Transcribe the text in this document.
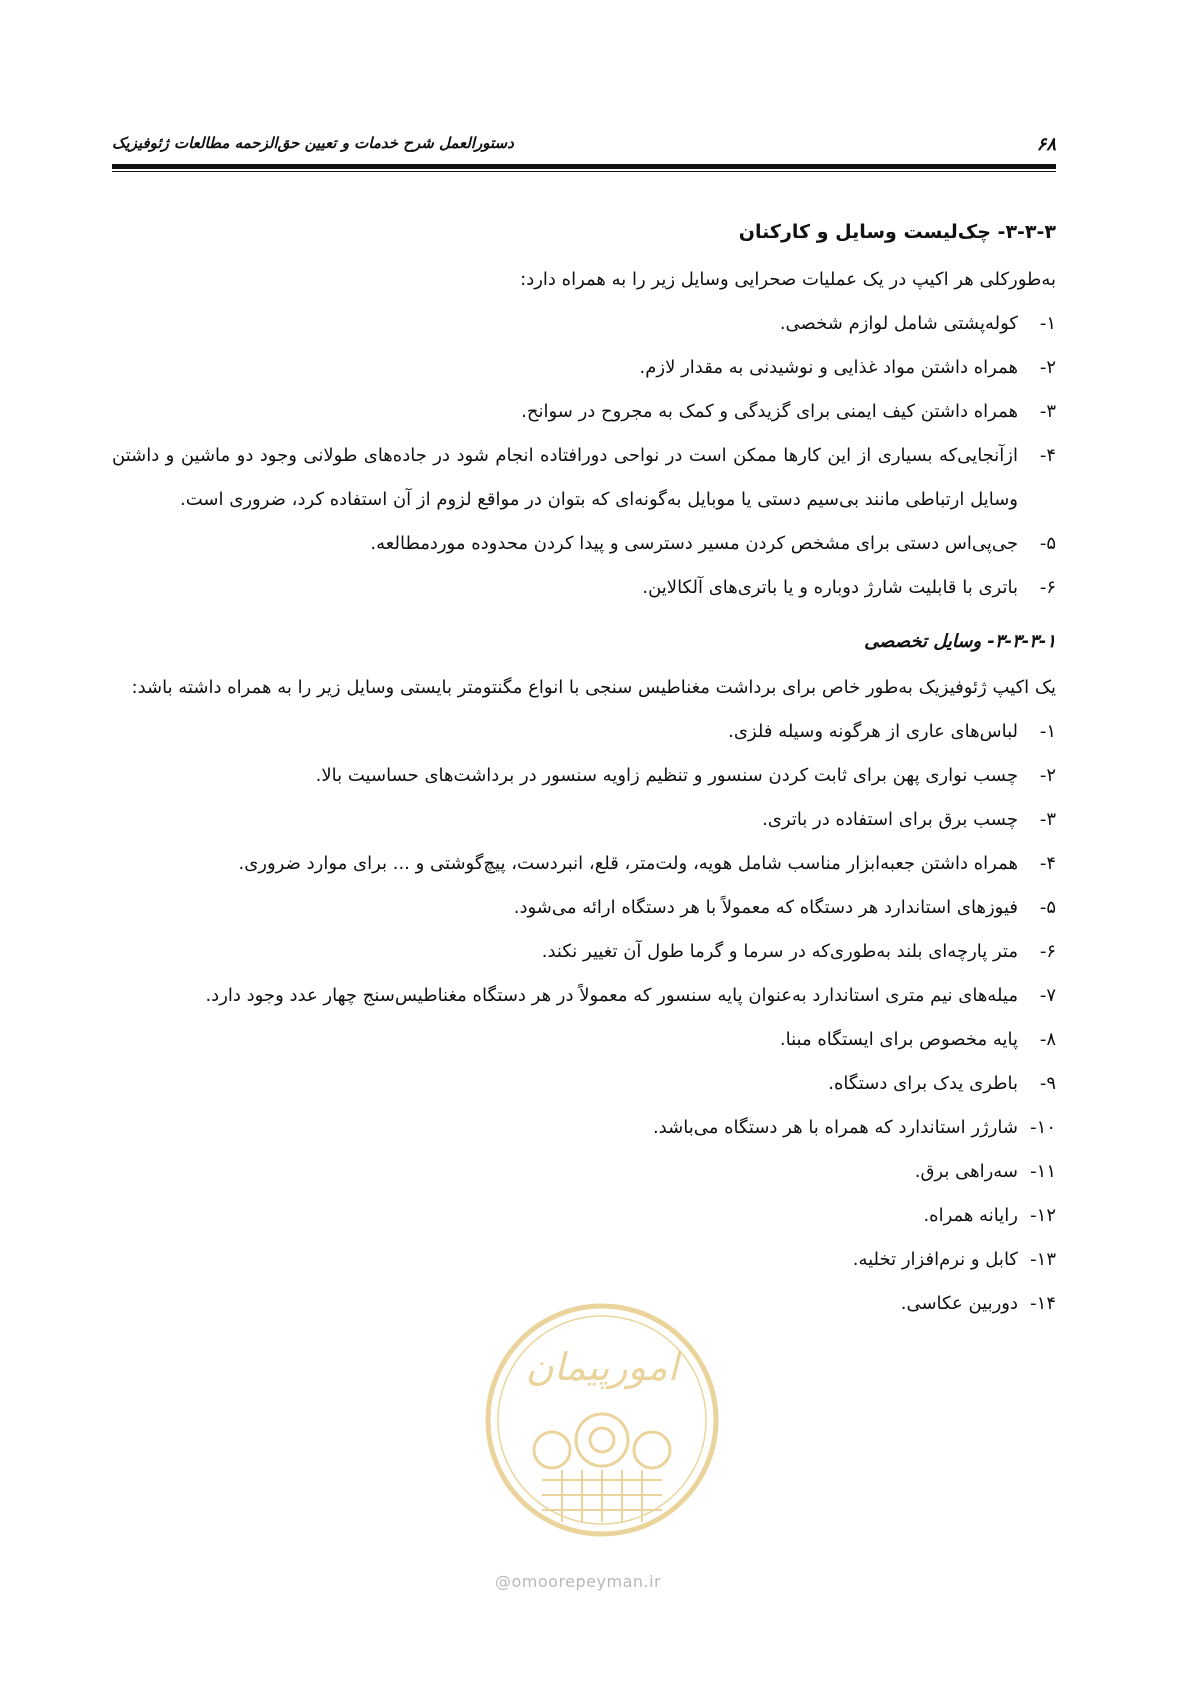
۶۸
دستورالعمل شرح خدمات و تعیین حق‌الزحمه مطالعات ژئوفیزیک
۳-۳-۳- چک‌لیست وسایل و کارکنان

به‌طورکلی هر اکیپ در یک عملیات صحرایی وسایل زیر را به همراه دارد:

۱-
کوله‌پشتی شامل لوازم شخصی.
۲-
همراه داشتن مواد غذایی و نوشیدنی به مقدار لازم.
۳-
همراه داشتن کیف ایمنی برای گزیدگی و کمک به مجروح در سوانح.
۴-
ازآنجایی‌که بسیاری از این کارها ممکن است در نواحی دورافتاده انجام شود در جاده‌های طولانی وجود دو ماشین و داشتن وسایل ارتباطی مانند بی‌سیم دستی یا موبایل به‌گونه‌ای که بتوان در مواقع لزوم از آن استفاده کرد، ضروری است.
۵-
جی‌پی‌اس دستی برای مشخص کردن مسیر دسترسی و پیدا کردن محدوده موردمطالعه.
۶-
باتری با قابلیت شارژ دوباره و یا باتری‌های آلکالاین.
۳-۳-۳-۱- وسایل تخصصی

یک اکیپ ژئوفیزیک به‌طور خاص برای برداشت مغناطیس سنجی با انواع مگنتومتر بایستی وسایل زیر را به همراه داشته باشد:

۱-
لباس‌های عاری از هرگونه وسیله فلزی.
۲-
چسب نواری پهن برای ثابت کردن سنسور و تنظیم زاویه سنسور در برداشت‌های حساسیت بالا.
۳-
چسب برق برای استفاده در باتری.
۴-
همراه داشتن جعبه‌ابزار مناسب شامل هویه، ولت‌متر، قلع، انبردست، پیچ‌گوشتی و ... برای موارد ضروری.
۵-
فیوزهای استاندارد هر دستگاه که معمولاً با هر دستگاه ارائه می‌شود.
۶-
متر پارچه‌ای بلند به‌طوری‌که در سرما و گرما طول آن تغییر نکند.
۷-
میله‌های نیم متری استاندارد به‌عنوان پایه سنسور که معمولاً در هر دستگاه مغناطیس‌سنج چهار عدد وجود دارد.
۸-
پایه مخصوص برای ایستگاه مبنا.
۹-
باطری یدک برای دستگاه.
۱۰-
شارژر استاندارد که همراه با هر دستگاه می‌باشد.
۱۱-
سه‌راهی برق.
۱۲-
رایانه همراه.
۱۳-
کابل و نرم‌افزار تخلیه.
۱۴-
دوربین عکاسی.
امورپیمان
@omoorepeyman.ir
